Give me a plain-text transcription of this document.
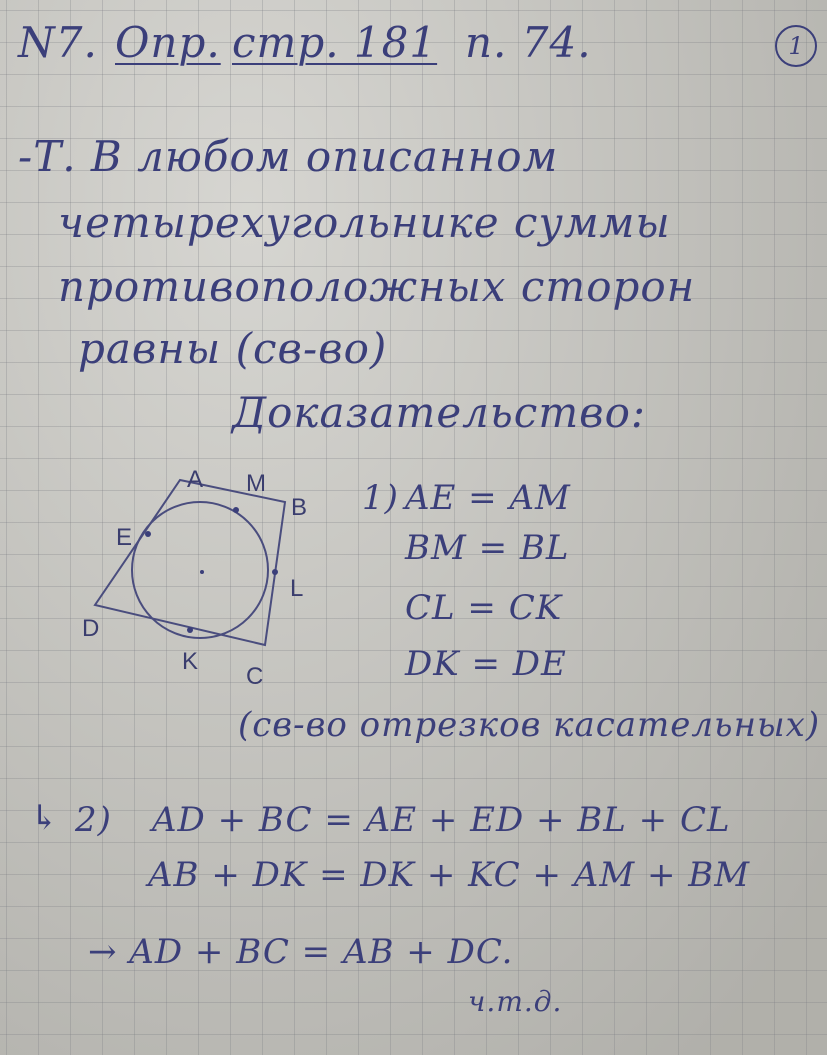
N7. Опр. стр. 181 п. 74.	1
-Т. В любом описанном
четырехугольнике суммы
противоположных сторон
равны (св-во)
Доказательство:
A M
B
E
L
D
K
C
1) AE = AM
BM = BL
CL = CK
DK = DE
(св-во отрезков касательных)
↳ 2) AD + BC = AE + ED + BL + CL
AB + DK = DK + KC + AM + BM
→ AD + BC = AB + DC.
ч.т.д.
